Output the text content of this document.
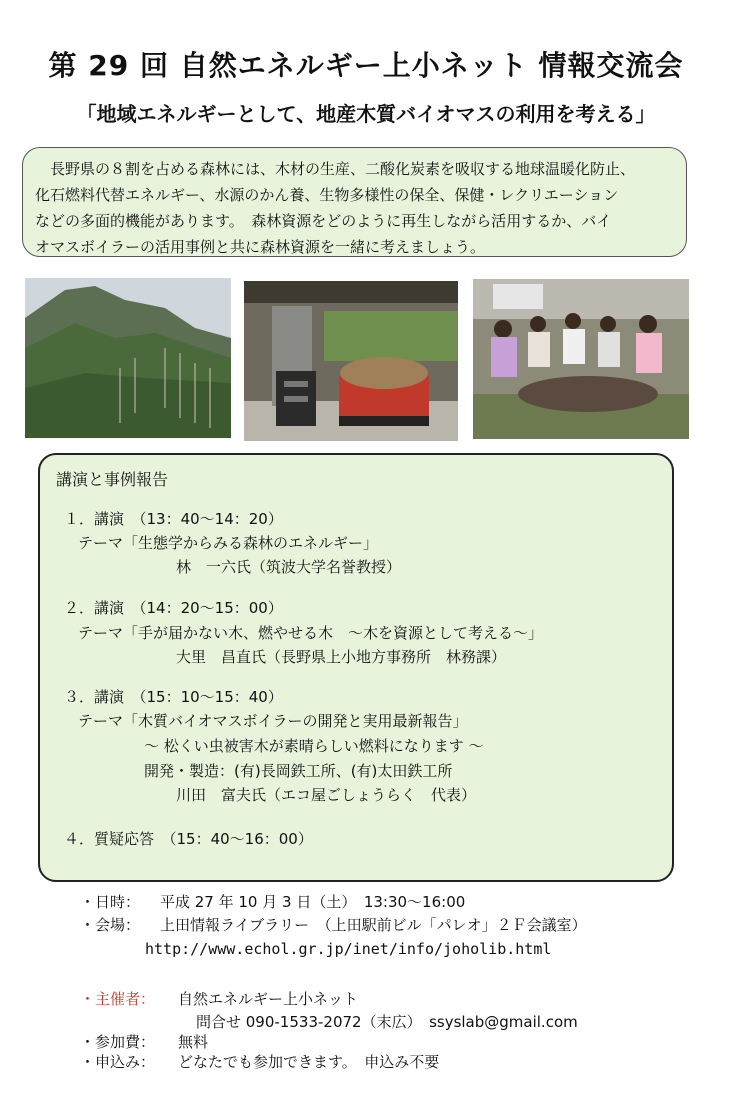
第 29 回 自然エネルギー上小ネット 情報交流会
「地域エネルギーとして、地産木質バイオマスの利用を考える」
　長野県の８割を占める森林には、木材の生産、二酸化炭素を吸収する地球温暖化防止、
化石燃料代替エネルギー、水源のかん養、生物多様性の保全、保健・レクリエーション
などの多面的機能があります。　森林資源をどのように再生しながら活用するか、バイ
オマスボイラーの活用事例と共に森林資源を一緒に考えましょう。
講演と事例報告
１．講演　（13：40〜14：20）
テーマ「生態学からみる森林のエネルギー」
林　一六氏（筑波大学名誉教授）
２．講演　（14：20〜15：00）
テーマ「手が届かない木、燃やせる木　〜木を資源として考える〜」
大里　昌直氏（長野県上小地方事務所　林務課）
３．講演　（15：10〜15：40）
テーマ「木質バイオマスボイラーの開発と実用最新報告」
〜 松くい虫被害木が素晴らしい燃料になります 〜
開発・製造：(有)長岡鉄工所、(有)太田鉄工所
川田　富夫氏（エコ屋ごしょうらく　代表）
４．質疑応答　（15：40〜16：00）
・日時： 平成 27 年 10 月 3 日（土）　13:30〜16:00
・会場： 上田情報ライブラリー　（上田駅前ビル「パレオ」２Ｆ会議室）
http://www.echol.gr.jp/inet/info/joholib.html
・主催者： 自然エネルギー上小ネット
問合せ 090-1533-2072（末広）　ssyslab@gmail.com
・参加費： 無料
・申込み： どなたでも参加できます。　申込み不要
